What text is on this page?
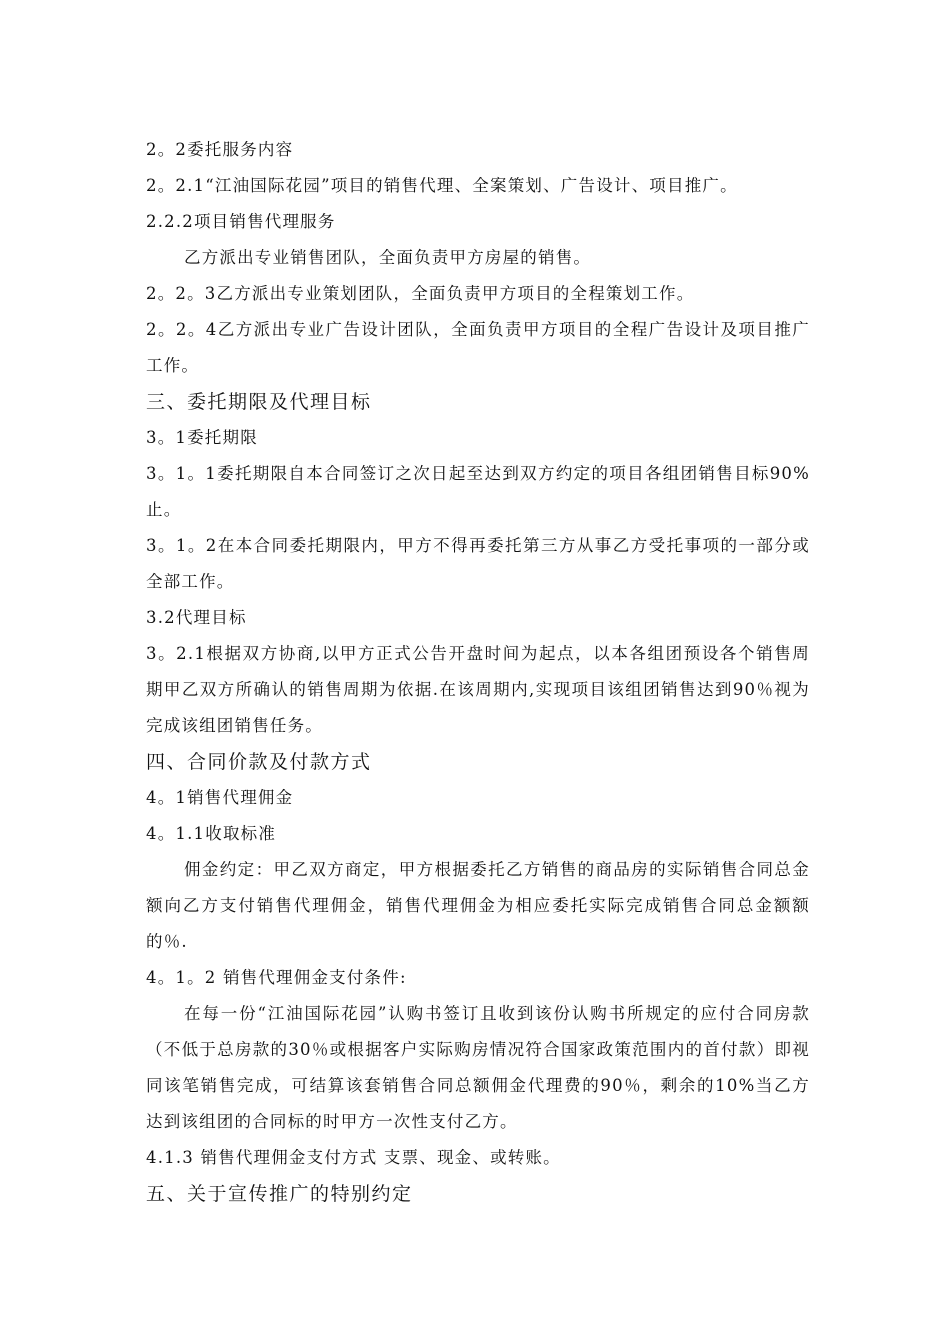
2。2委托服务内容
2。2.1“江油国际花园”项目的销售代理、全案策划、广告设计、项目推广。
2.2.2项目销售代理服务
乙方派出专业销售团队，全面负责甲方房屋的销售。
2。2。3乙方派出专业策划团队，全面负责甲方项目的全程策划工作。
2。2。4乙方派出专业广告设计团队，全面负责甲方项目的全程广告设计及项目推广工作。
三、委托期限及代理目标
3。1委托期限
3。1。1委托期限自本合同签订之次日起至达到双方约定的项目各组团销售目标90%止。
3。1。2在本合同委托期限内，甲方不得再委托第三方从事乙方受托事项的一部分或全部工作。
3.2代理目标
3。2.1根据双方协商,以甲方正式公告开盘时间为起点，以本各组团预设各个销售周期甲乙双方所确认的销售周期为依据.在该周期内,实现项目该组团销售达到90％视为完成该组团销售任务。
四、合同价款及付款方式
4。1销售代理佣金
4。1.1收取标准
佣金约定：甲乙双方商定，甲方根据委托乙方销售的商品房的实际销售合同总金额向乙方支付销售代理佣金，销售代理佣金为相应委托实际完成销售合同总金额额的％.
4。1。2 销售代理佣金支付条件:
在每一份“江油国际花园”认购书签订且收到该份认购书所规定的应付合同房款（不低于总房款的30％或根据客户实际购房情况符合国家政策范围内的首付款）即视同该笔销售完成，可结算该套销售合同总额佣金代理费的90％，剩余的10%当乙方达到该组团的合同标的时甲方一次性支付乙方。
4.1.3 销售代理佣金支付方式 支票、现金、或转账。
五、关于宣传推广的特别约定
